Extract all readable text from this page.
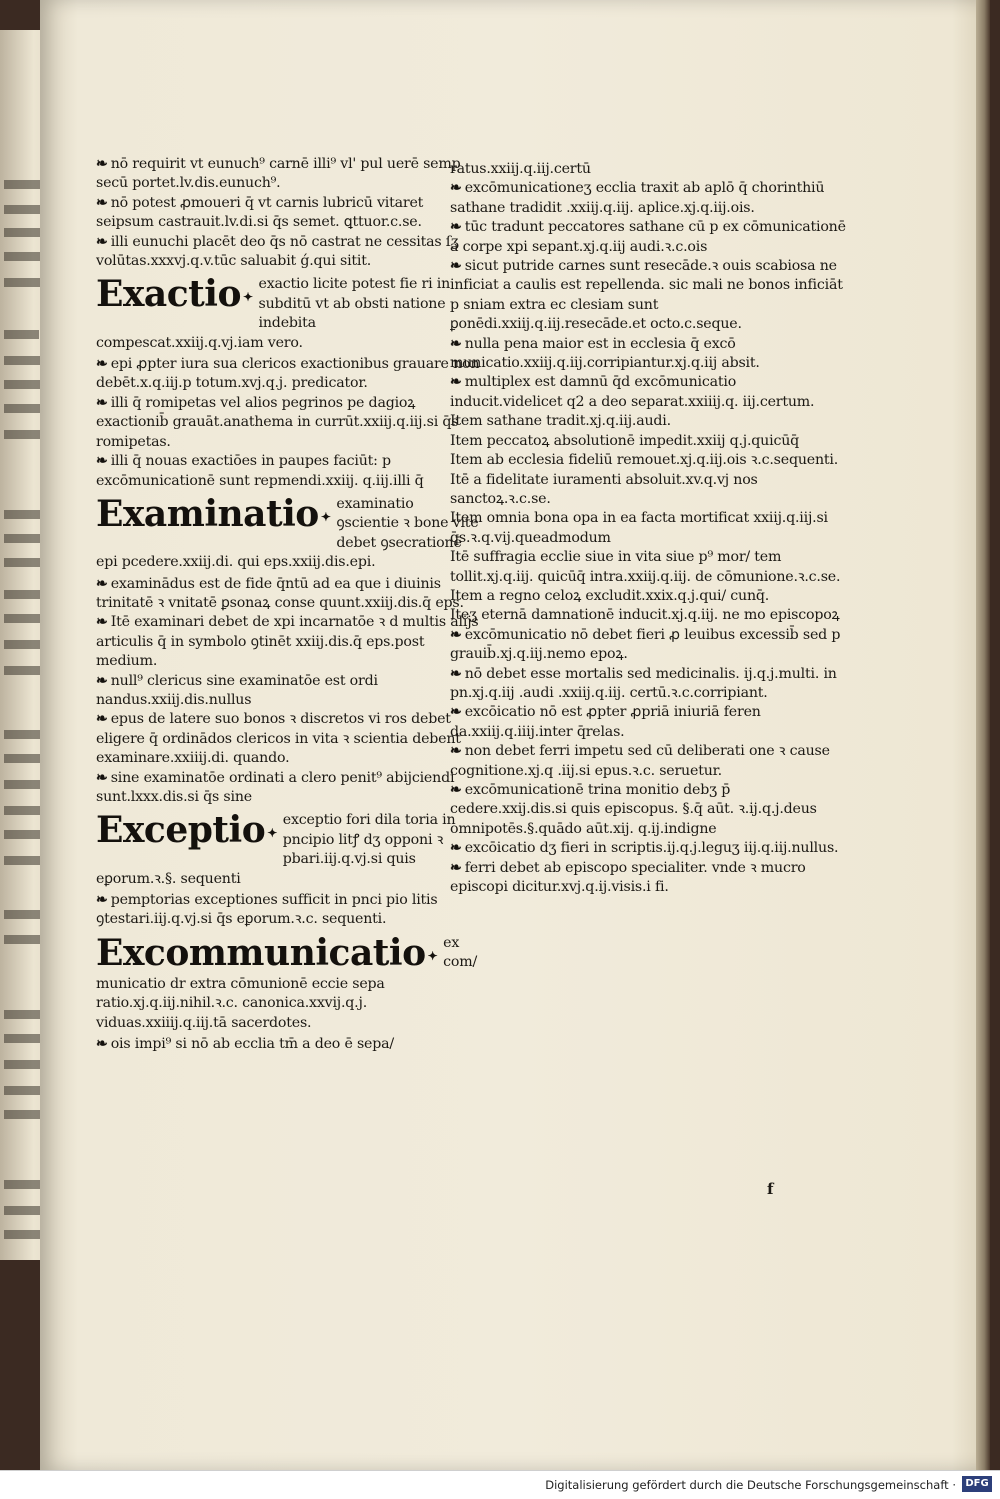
❧ nō requirit vt eunuch⁹ carnē illi⁹ vl' pul uerē semp secū portet.lv.dis.eunuch⁹.
❧ nō potest ꝓmoueri q̄ vt carnis lubricū vitaret seipsum castrauit.lv.di.si q̄s semet. ꝗttuor.c.se.
❧ illi eunuchi placēt deo q̄s nō castrat ne cessitas ſʒ volūtas.xxxvj.q.v.tūc saluabit ǵ.qui sitit.
Exactio ✦	exactio licite potest fie ri in subditū vt ab obsti natione indebita compescat.xxiij.q.vj.iam vero.
❧ epi ꝓpter iura sua clericos exactionibus grauare non debēt.x.q.iij.p totum.xvj.q.j. predicator.
❧ illi q̄ romipetas vel alios pegrinos pe dagioꝝ exactionib̄ grauāt.anathema in currūt.xxiij.q.iij.si q̄s romipetas.
❧ illi q̄ nouas exactiōes in paupes faciūt: p excōmunicationē sunt repmendi.xxiij. q.iij.illi q̄
Examinatio ✦	examinatio ꝯscientie ꝛ bone vite debet ꝯsecrationē epi pcedere.xxiij.di. qui eps.xxiij.dis.epi.
❧ examinādus est de fide q̄ntū ad ea que i diuinis trinitatē ꝛ vnitatē ꝑsonaꝝ conse quunt.xxiij.dis.q̄ eps.
❧ Itē examinari debet de xpi incarnatōe ꝛ d multis alijs articulis q̄ in symbolo ꝯtinēt xxiij.dis.q̄ eps.post medium.
❧ null⁹ clericus sine examinatōe est ordi nandus.xxiij.dis.nullus
❧ epus de latere suo bonos ꝛ discretos vi ros debet eligere q̄ ordinādos clericos in vita ꝛ scientia debent examinare.xxiiij.di. quando.
❧ sine examinatōe ordinati a clero penit⁹ abijciendi sunt.lxxx.dis.si q̄s sine
Exceptio ✦	exceptio fori dila toria in pncipio litꝭ dʒ opponi ꝛ pbari.iij.q.vj.si quis eꝑorum.ꝛ.§. sequenti
❧ pemptorias exceptiones sufficit in pnci pio litis ꝯtestari.iij.q.vj.si q̄s eꝑorum.ꝛ.c. sequenti.
Excommunicatio ✦	ex com/ municatio dr extra cōmunionē eccie sepa ratio.xj.q.iij.nihil.ꝛ.c. canonica.xxvij.q.j. viduas.xxiiij.q.iij.tā sacerdotes.
❧ ois impi⁹ si nō ab ecclia tm̄ a deo ē sepa/
ratus.xxiij.q.iij.certū
❧ excōmunicationeʒ ecclia traxit ab aplō q̄ chorinthiū sathane tradidit .xxiij.q.iij. aplice.xj.q.iij.ois.
❧ tūc tradunt peccatores sathane cū p ex cōmunicationē a corpe xpi sepant.xj.q.iij audi.ꝛ.c.ois
❧ sicut putride carnes sunt resecāde.ꝛ ouis scabiosa ne inficiat a caulis est repellenda. sic mali ne bonos inficiāt p sniam extra ec clesiam sunt ꝑonēdi.xxiij.q.iij.resecāde.et octo.c.seque.
❧ nulla pena maior est in ecclesia q̄ excō municatio.xxiij.q.iij.corripiantur.xj.q.iij absit.
❧ multiplex est damnū q̄d excōmunicatio inducit.videlicet q2 a deo separat.xxiiij.q. iij.certum.
Item sathane tradit.xj.q.iij.audi.
Item peccatoꝝ absolutionē impedit.xxiij q.j.quicūq̄
Item ab ecclesia fideliū remouet.xj.q.iij.ois ꝛ.c.sequenti.
Itē a fidelitate iuramenti absoluit.xv.q.vj nos sanctoꝝ.ꝛ.c.se.
Item omnia bona opa in ea facta mortificat xxiij.q.iij.si q̄s.ꝛ.q.vij.queadmodum
Itē suffragia ecclie siue in vita siue p⁹ mor/ tem tollit.xj.q.iij. quicūq̄ intra.xxiij.q.iij. de cōmunione.ꝛ.c.se.
Item a regno celoꝝ excludit.xxix.q.j.qui/ cunq̄.
Iteʒ eternā damnationē inducit.xj.q.iij. ne mo episcopoꝝ
❧ excōmunicatio nō debet fieri ꝓ leuibus excessib̄ sed p grauib̄.xj.q.iij.nemo epoꝝ.
❧ nō debet esse mortalis sed medicinalis. ij.q.j.multi. in pn.xj.q.iij .audi .xxiij.q.iij. certū.ꝛ.c.corripiant.
❧ excōicatio nō est ꝓpter ꝓpriā iniuriā feren da.xxiij.q.iiij.inter q̄relas.
❧ non debet ferri impetu sed cū deliberati one ꝛ cause cognitione.xj.q .iij.si epus.ꝛ.c. seruetur.
❧ excōmunicationē trina monitio debʒ p̄ cedere.xxij.dis.si quis episcopus. §.q̄ aūt. ꝛ.ij.q.j.deus omnipotēs.§.quādo aūt.xij. q.ij.indigne
❧ excōicatio dʒ fieri in scriptis.ij.q.j.leguʒ iij.q.iij.nullus.
❧ ferri debet ab episcopo specialiter. vnde ꝛ mucro episcopi dicitur.xvj.q.ij.visis.i fi.
f
Digitalisierung gefördert durch die Deutsche Forschungsgemeinschaft · DFG
